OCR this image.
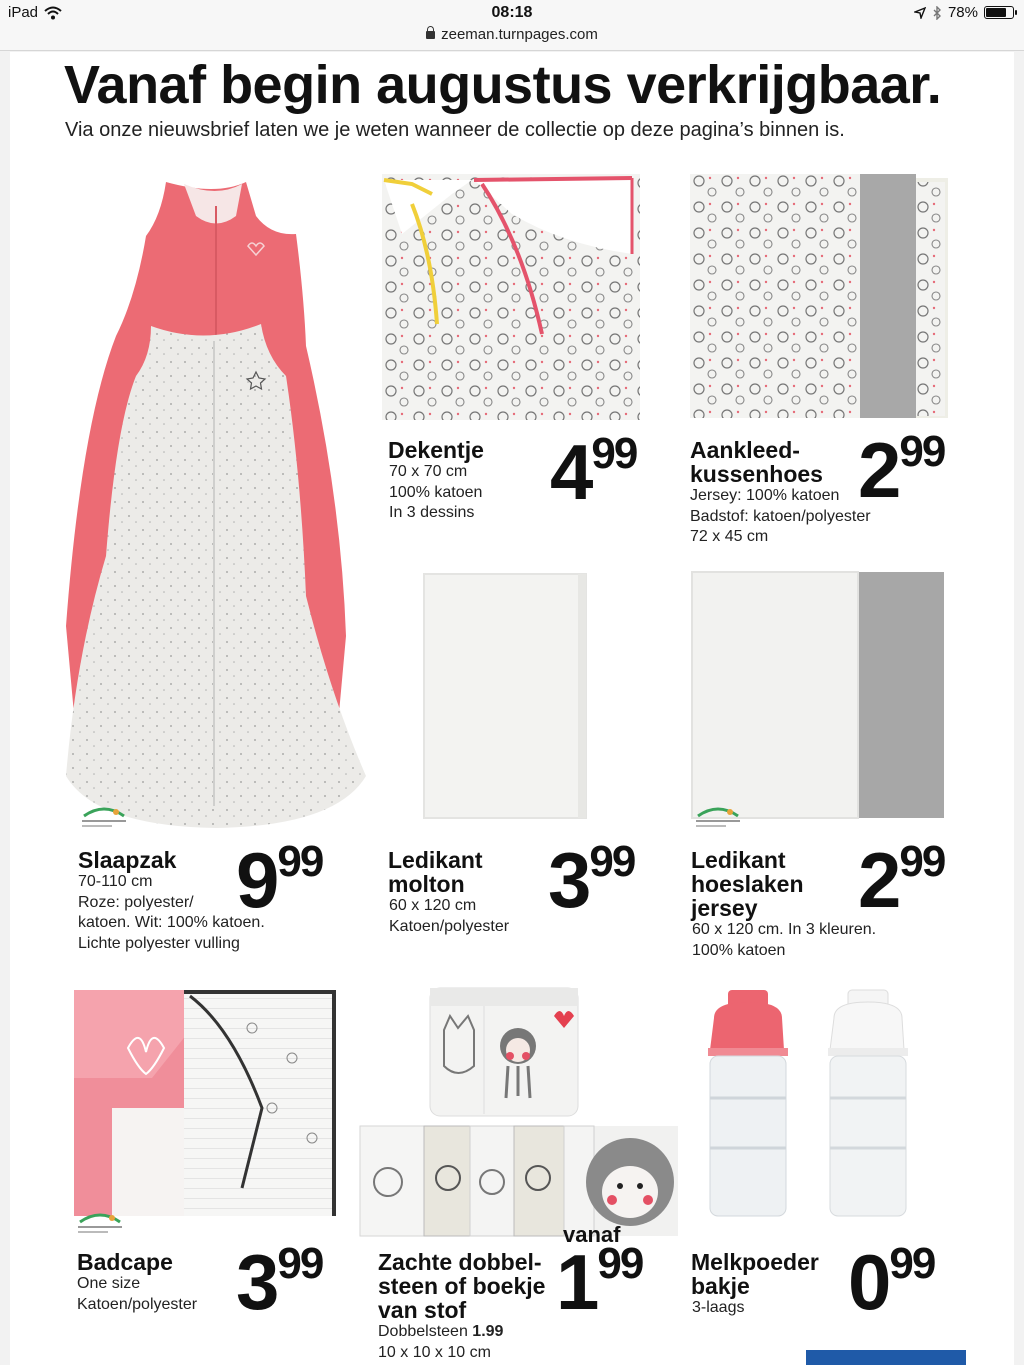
iPad	08:18	78%
zeeman.turnpages.com
Vanaf begin augustus verkrijgbaar.
Via onze nieuwsbrief laten we je weten wanneer de collectie op deze pagina’s binnen is.
Dekentje
70 x 70 cm
100% katoen
In 3 dessins 4 99 Aankleed-
kussenhoes
Jersey: 100% katoen
Badstof: katoen/polyester
72 x 45 cm
2 99
Slaapzak
70-110 cm
Roze: polyester/
katoen. Wit: 100% katoen.
Lichte polyester vulling
9 99	Ledikant
molton
60 x 120 cm
Katoen/polyester
3 99 Ledikant
hoeslaken
jersey
60 x 120 cm. In 3 kleuren.
100% katoen
2 99
Badcape
One size
Katoen/polyester 3 99 Zachte dobbel-
steen of boekje
van stof
Dobbelsteen 1.99
10 x 10 x 10 cm
vanaf
1 99 Melkpoeder
bakje
3-laags 0 99
